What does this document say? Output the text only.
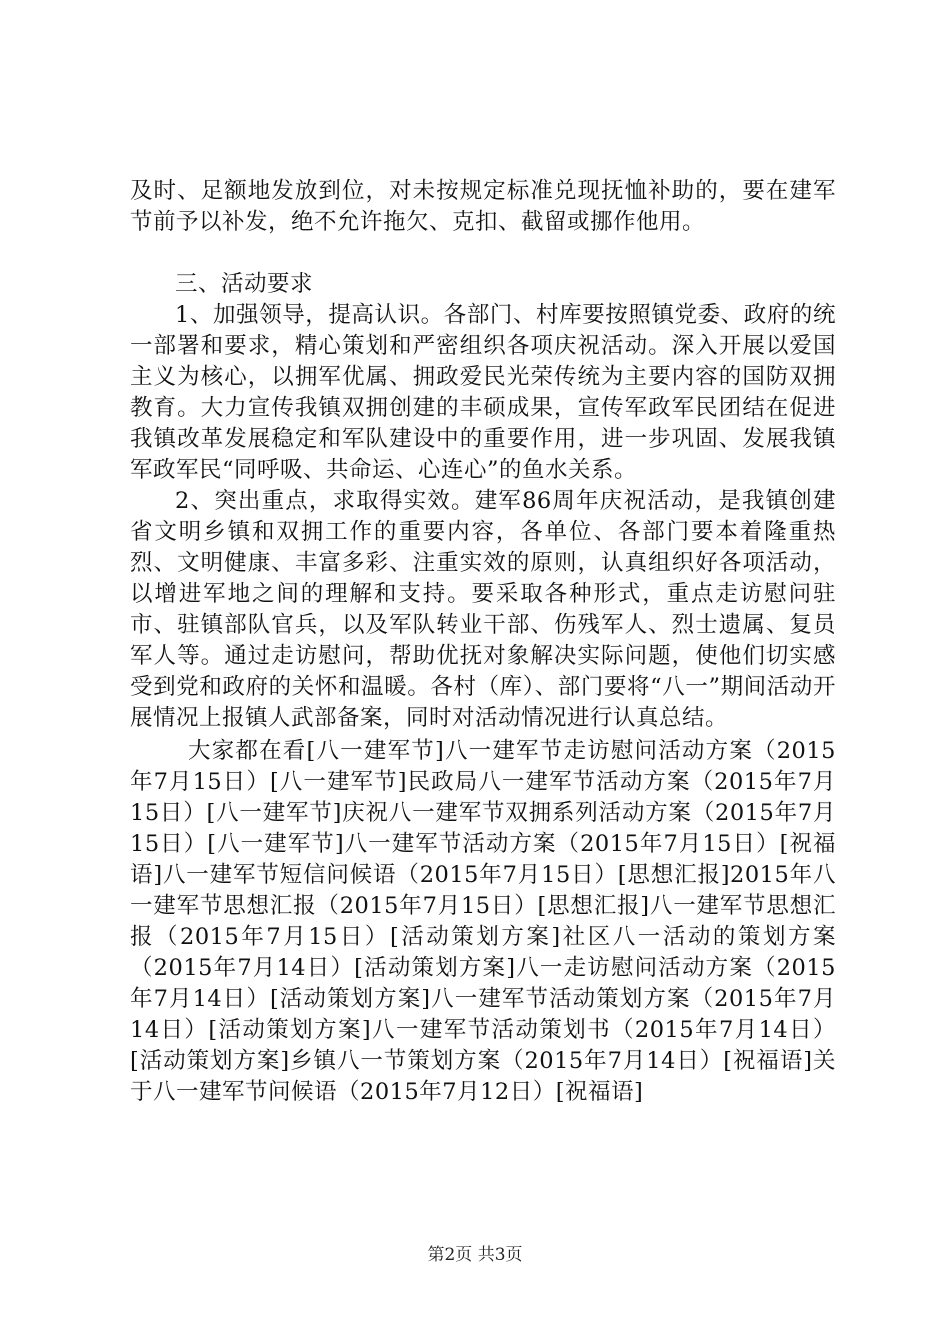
及时、足额地发放到位，对未按规定标准兑现抚恤补助的，要在建军节前予以补发，绝不允许拖欠、克扣、截留或挪作他用。

三、活动要求

1、加强领导，提高认识。各部门、村库要按照镇党委、政府的统一部署和要求，精心策划和严密组织各项庆祝活动。深入开展以爱国主义为核心，以拥军优属、拥政爱民光荣传统为主要内容的国防双拥教育。大力宣传我镇双拥创建的丰硕成果，宣传军政军民团结在促进我镇改革发展稳定和军队建设中的重要作用，进一步巩固、发展我镇军政军民“同呼吸、共命运、心连心”的鱼水关系。

2、突出重点，求取得实效。建军86周年庆祝活动，是我镇创建省文明乡镇和双拥工作的重要内容，各单位、各部门要本着隆重热烈、文明健康、丰富多彩、注重实效的原则，认真组织好各项活动，以增进军地之间的理解和支持。要采取各种形式，重点走访慰问驻市、驻镇部队官兵，以及军队转业干部、伤残军人、烈士遗属、复员军人等。通过走访慰问，帮助优抚对象解决实际问题，使他们切实感受到党和政府的关怀和温暖。各村（库）、部门要将“八一”期间活动开展情况上报镇人武部备案，同时对活动情况进行认真总结。

大家都在看[八一建军节]八一建军节走访慰问活动方案（2015年7月15日）[八一建军节]民政局八一建军节活动方案（2015年7月15日）[八一建军节]庆祝八一建军节双拥系列活动方案（2015年7月15日）[八一建军节]八一建军节活动方案（2015年7月15日）[祝福语]八一建军节短信问候语（2015年7月15日）[思想汇报]2015年八一建军节思想汇报（2015年7月15日）[思想汇报]八一建军节思想汇报（2015年7月15日）[活动策划方案]社区八一活动的策划方案（2015年7月14日）[活动策划方案]八一走访慰问活动方案（2015年7月14日）[活动策划方案]八一建军节活动策划方案（2015年7月14日）[活动策划方案]八一建军节活动策划书（2015年7月14日）[活动策划方案]乡镇八一节策划方案（2015年7月14日）[祝福语]关于八一建军节问候语（2015年7月12日）[祝福语]

第2页 共3页
